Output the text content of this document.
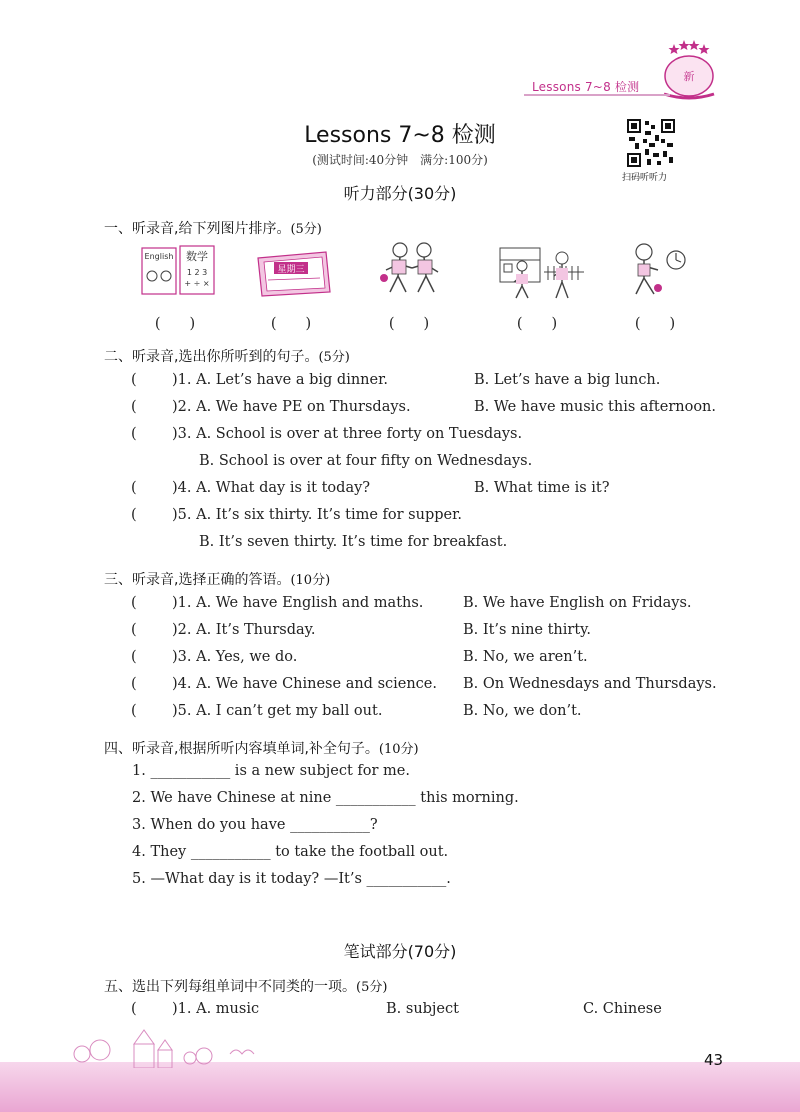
新
Lessons 7~8 检测
Lessons 7~8 检测
(测试时间:40分钟　满分:100分)
扫码听听力
听力部分(30分)
一、听录音,给下列图片排序。(5分)
English 数学
1 2 3
+ ÷ ×
星期三
(　　)	(　　)	(　　)	(　　)	(　　)
二、听录音,选出你所听到的句子。(5分)
( )1. A. Let’s have a big dinner.	B. Let’s have a big lunch.
( )2. A. We have PE on Thursdays.	B. We have music this afternoon.
( )3. A. School is over at three forty on Tuesdays.
B. School is over at four fifty on Wednesdays.
( )4. A. What day is it today?	B. What time is it?
( )5. A. It’s six thirty. It’s time for supper.
B. It’s seven thirty. It’s time for breakfast.
三、听录音,选择正确的答语。(10分)
( )1. A. We have English and maths.	B. We have English on Fridays.
( )2. A. It’s Thursday.	B. It’s nine thirty.
( )3. A. Yes, we do.	B. No, we aren’t.
( )4. A. We have Chinese and science. B. On Wednesdays and Thursdays.
( )5. A. I can’t get my ball out.	B. No, we don’t.
四、听录音,根据所听内容填单词,补全句子。(10分)
1. ___________ is a new subject for me.
2. We have Chinese at nine ___________ this morning.
3. When do you have ___________?
4. They ___________ to take the football out.
5. —What day is it today? —It’s ___________.
笔试部分(70分)
五、选出下列每组单词中不同类的一项。(5分)
( )1. A. music	B. subject	C. Chinese
43
